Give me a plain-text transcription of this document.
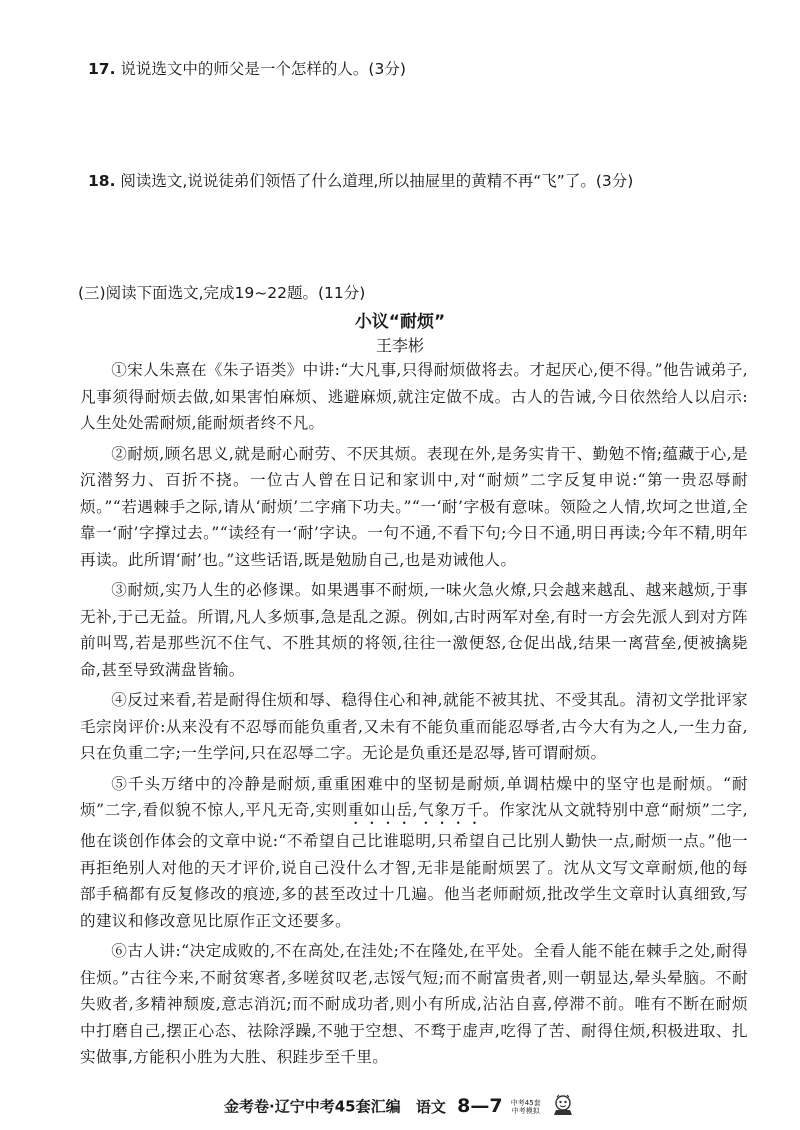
17. 说说选文中的师父是一个怎样的人。(3分)
18. 阅读选文,说说徒弟们领悟了什么道理,所以抽屉里的黄精不再“飞”了。(3分)
(三)阅读下面选文,完成19~22题。(11分)
小议“耐烦”
王李彬

①宋人朱熹在《朱子语类》中讲:“大凡事,只得耐烦做将去。才起厌心,便不得。”他告诫弟子,凡事须得耐烦去做,如果害怕麻烦、逃避麻烦,就注定做不成。古人的告诫,今日依然给人以启示:人生处处需耐烦,能耐烦者终不凡。

②耐烦,顾名思义,就是耐心耐劳、不厌其烦。表现在外,是务实肯干、勤勉不惰;蕴藏于心,是沉潜努力、百折不挠。一位古人曾在日记和家训中,对“耐烦”二字反复申说:“第一贵忍辱耐烦。”“若遇棘手之际,请从‘耐烦’二字痛下功夫。”“一‘耐’字极有意味。领险之人情,坎坷之世道,全靠一‘耐’字撑过去。”“读经有一‘耐’字诀。一句不通,不看下句;今日不通,明日再读;今年不精,明年再读。此所谓‘耐’也。”这些话语,既是勉励自己,也是劝诫他人。

③耐烦,实乃人生的必修课。如果遇事不耐烦,一味火急火燎,只会越来越乱、越来越烦,于事无补,于己无益。所谓,凡人多烦事,急是乱之源。例如,古时两军对垒,有时一方会先派人到对方阵前叫骂,若是那些沉不住气、不胜其烦的将领,往往一激便怒,仓促出战,结果一离营垒,便被擒毙命,甚至导致满盘皆输。

④反过来看,若是耐得住烦和辱、稳得住心和神,就能不被其扰、不受其乱。清初文学批评家毛宗岗评价:从来没有不忍辱而能负重者,又未有不能负重而能忍辱者,古今大有为之人,一生力奋,只在负重二字;一生学问,只在忍辱二字。无论是负重还是忍辱,皆可谓耐烦。

⑤千头万绪中的冷静是耐烦,重重困难中的坚韧是耐烦,单调枯燥中的坚守也是耐烦。“耐烦”二字,看似貌不惊人,平凡无奇,实则重如山岳,气象万千。作家沈从文就特别中意“耐烦”二字,他在谈创作体会的文章中说:“不希望自己比谁聪明,只希望自己比别人勤快一点,耐烦一点。”他一再拒绝别人对他的天才评价,说自己没什么才智,无非是能耐烦罢了。沈从文写文章耐烦,他的每部手稿都有反复修改的痕迹,多的甚至改过十几遍。他当老师耐烦,批改学生文章时认真细致,写的建议和修改意见比原作正文还要多。

⑥古人讲:“决定成败的,不在高处,在洼处;不在隆处,在平处。全看人能不能在棘手之处,耐得住烦。”古往今来,不耐贫寒者,多嗟贫叹老,志馁气短;而不耐富贵者,则一朝显达,晕头晕脑。不耐失败者,多精神颓废,意志消沉;而不耐成功者,则小有所成,沾沾自喜,停滞不前。唯有不断在耐烦中打磨自己,摆正心态、祛除浮躁,不驰于空想、不骛于虚声,吃得了苦、耐得住烦,积极进取、扎实做事,方能积小胜为大胜、积跬步至千里。

金考卷·辽宁中考45套汇编 语文 8—7 中考45套
中考模拟
